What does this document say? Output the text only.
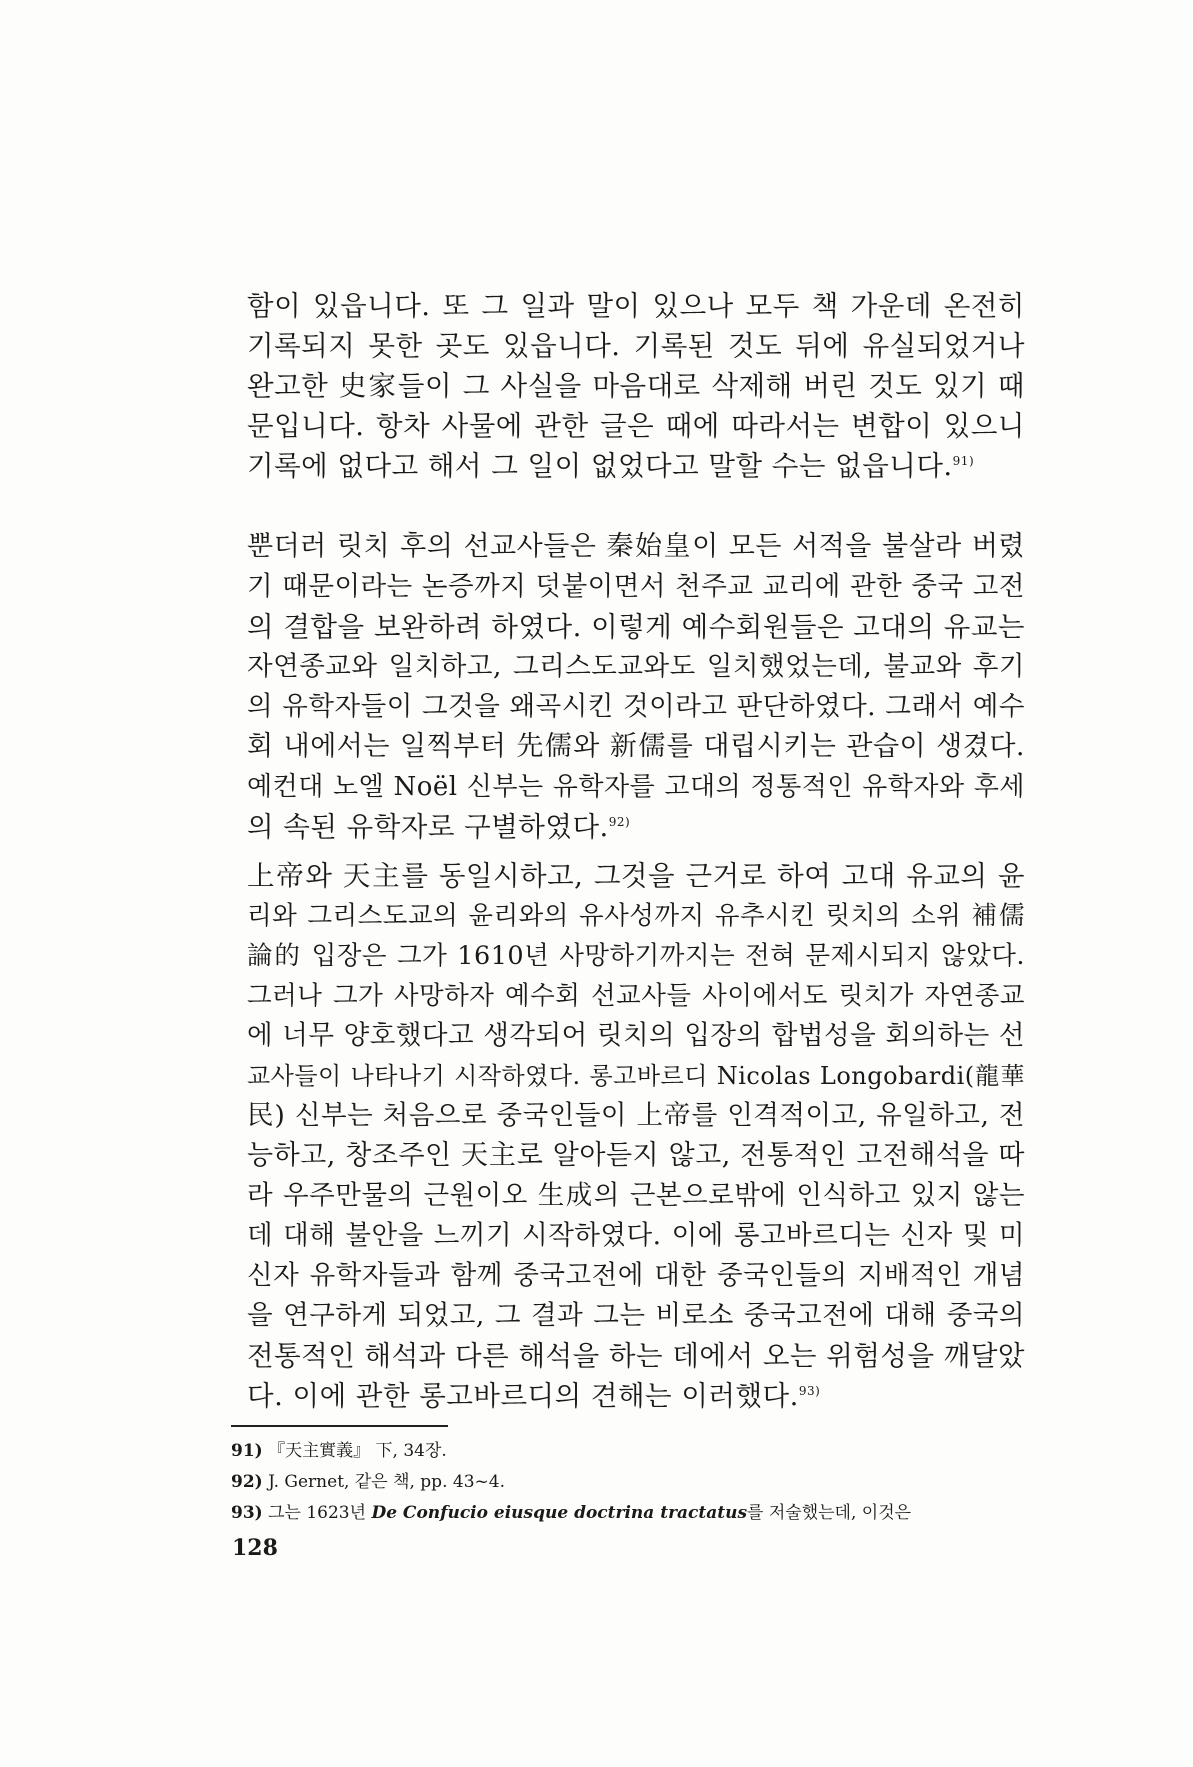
함이 있읍니다. 또 그 일과 말이 있으나 모두 책 가운데 온전히
기록되지 못한 곳도 있읍니다. 기록된 것도 뒤에 유실되었거나
완고한 史家들이 그 사실을 마음대로 삭제해 버린 것도 있기 때
문입니다. 항차 사물에 관한 글은 때에 따라서는 변합이 있으니
기록에 없다고 해서 그 일이 없었다고 말할 수는 없읍니다.$^{91)}$
뿐더러 릿치 후의 선교사들은 秦始皇이 모든 서적을 불살라 버렸
기 때문이라는 논증까지 덧붙이면서 천주교 교리에 관한 중국 고전
의 결합을 보완하려 하였다. 이렇게 예수회원들은 고대의 유교는
자연종교와 일치하고, 그리스도교와도 일치했었는데, 불교와 후기
의 유학자들이 그것을 왜곡시킨 것이라고 판단하였다. 그래서 예수
회 내에서는 일찍부터 先儒와 新儒를 대립시키는 관습이 생겼다.
예컨대 노엘 Noël 신부는 유학자를 고대의 정통적인 유학자와 후세
의 속된 유학자로 구별하였다.$^{92)}$
上帝와 天主를 동일시하고, 그것을 근거로 하여 고대 유교의 윤
리와 그리스도교의 윤리와의 유사성까지 유추시킨 릿치의 소위 補儒
論的 입장은 그가 1610년 사망하기까지는 전혀 문제시되지 않았다.
그러나 그가 사망하자 예수회 선교사들 사이에서도 릿치가 자연종교
에 너무 양호했다고 생각되어 릿치의 입장의 합법성을 회의하는 선
교사들이 나타나기 시작하였다. 롱고바르디 Nicolas Longobardi(龍華
民) 신부는 처음으로 중국인들이 上帝를 인격적이고, 유일하고, 전
능하고, 창조주인 天主로 알아듣지 않고, 전통적인 고전해석을 따
라 우주만물의 근원이오 生成의 근본으로밖에 인식하고 있지 않는
데 대해 불안을 느끼기 시작하였다. 이에 롱고바르디는 신자 및 미
신자 유학자들과 함께 중국고전에 대한 중국인들의 지배적인 개념
을 연구하게 되었고, 그 결과 그는 비로소 중국고전에 대해 중국의
전통적인 해석과 다른 해석을 하는 데에서 오는 위험성을 깨달았
다. 이에 관한 롱고바르디의 견해는 이러했다.$^{93)}$
91) 『天主實義』 下, 34장.
92) J. Gernet, 같은 책, pp. 43~4.
93) 그는 1623년 De Confucio eiusque doctrina tractatus를 저술했는데, 이것은
128
